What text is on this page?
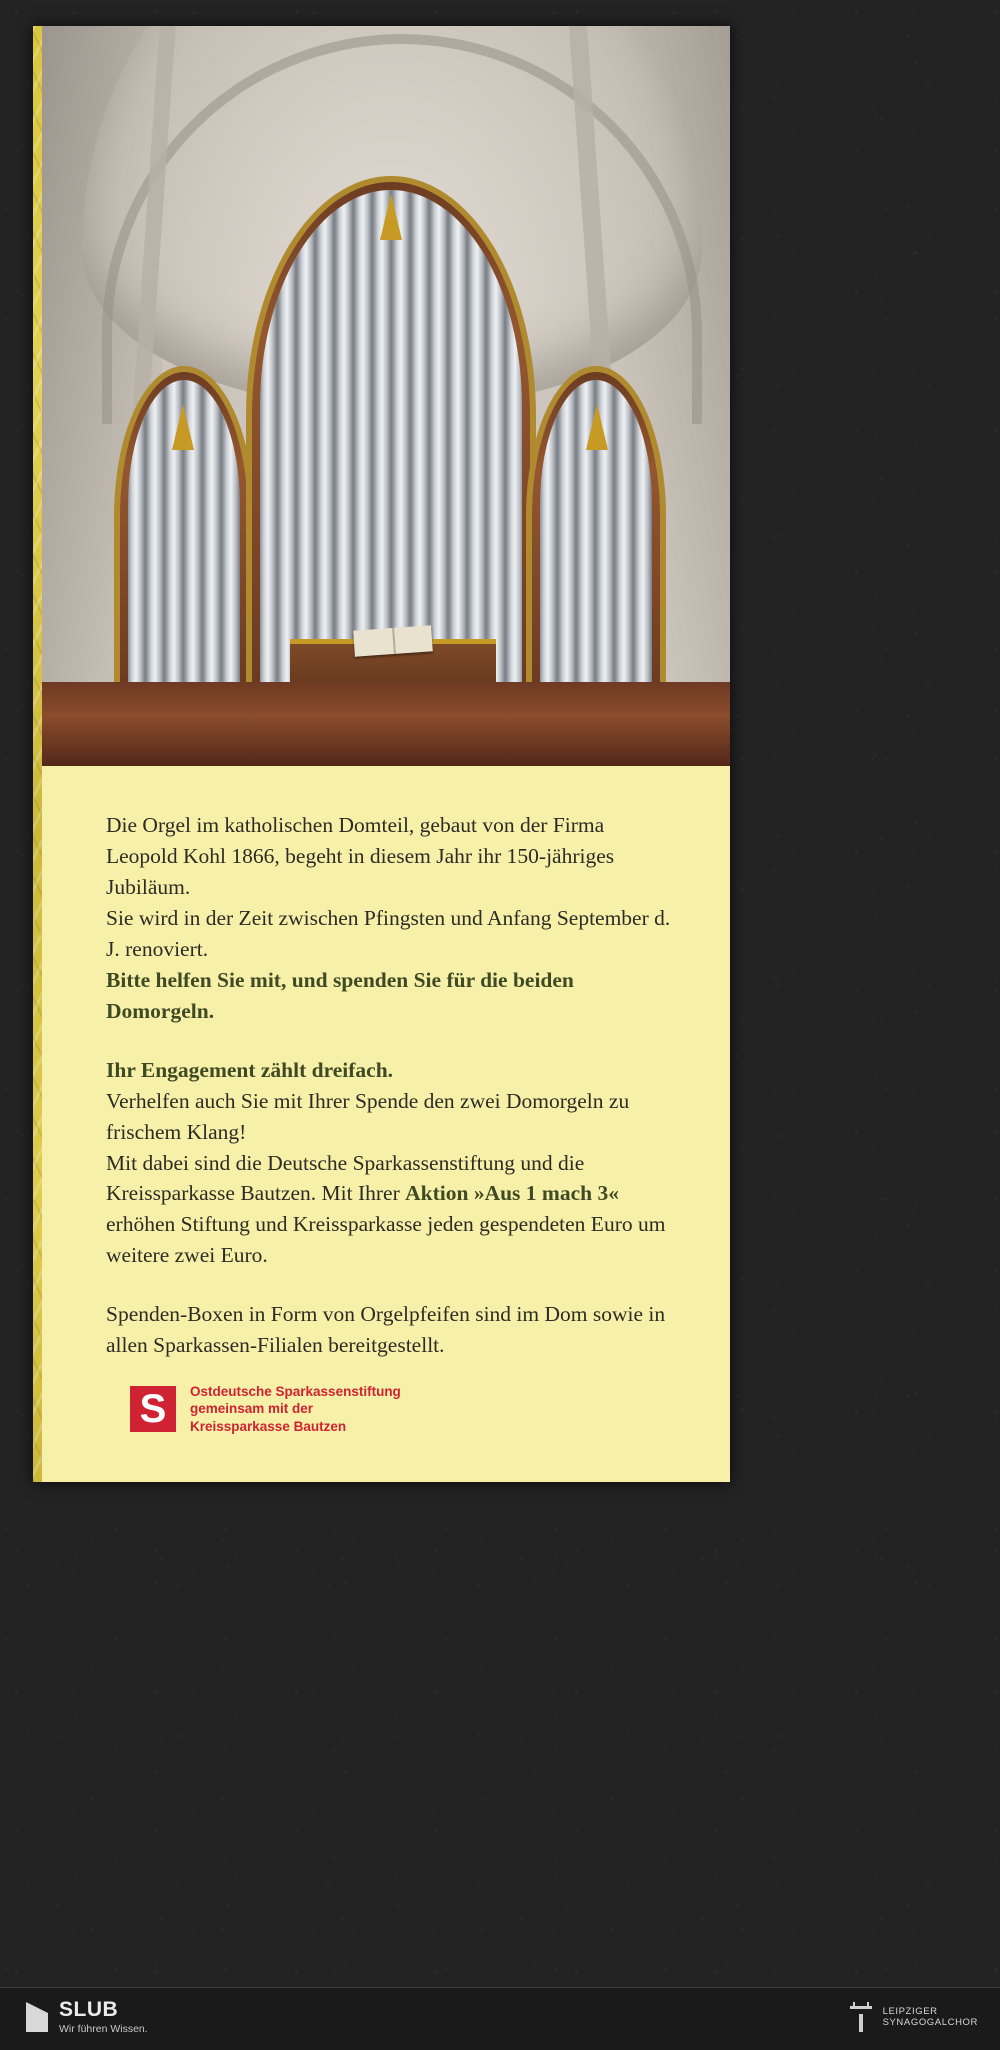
Die Orgel im katholischen Domteil, gebaut von der Firma Leopold Kohl 1866, begeht in diesem Jahr ihr 150-jähriges Jubiläum.

Sie wird in der Zeit zwischen Pfingsten und Anfang September d. J. renoviert.

Bitte helfen Sie mit, und spenden Sie für die beiden Domorgeln.

Ihr Engagement zählt dreifach.

Verhelfen auch Sie mit Ihrer Spende den zwei Domorgeln zu frischem Klang!

Mit dabei sind die Deutsche Sparkassenstiftung und die Kreissparkasse Bautzen. Mit Ihrer Aktion »Aus 1 mach 3« erhöhen Stiftung und Kreissparkasse jeden gespendeten Euro um weitere zwei Euro.

Spenden-Boxen in Form von Orgelpfeifen sind im Dom sowie in allen Sparkassen-Filialen bereitgestellt.

S	Ostdeutsche Sparkassenstiftung
gemeinsam mit der
Kreissparkasse Bautzen
SLUB
Wir führen Wissen.
LEIPZIGER
SYNAGOGALCHOR
